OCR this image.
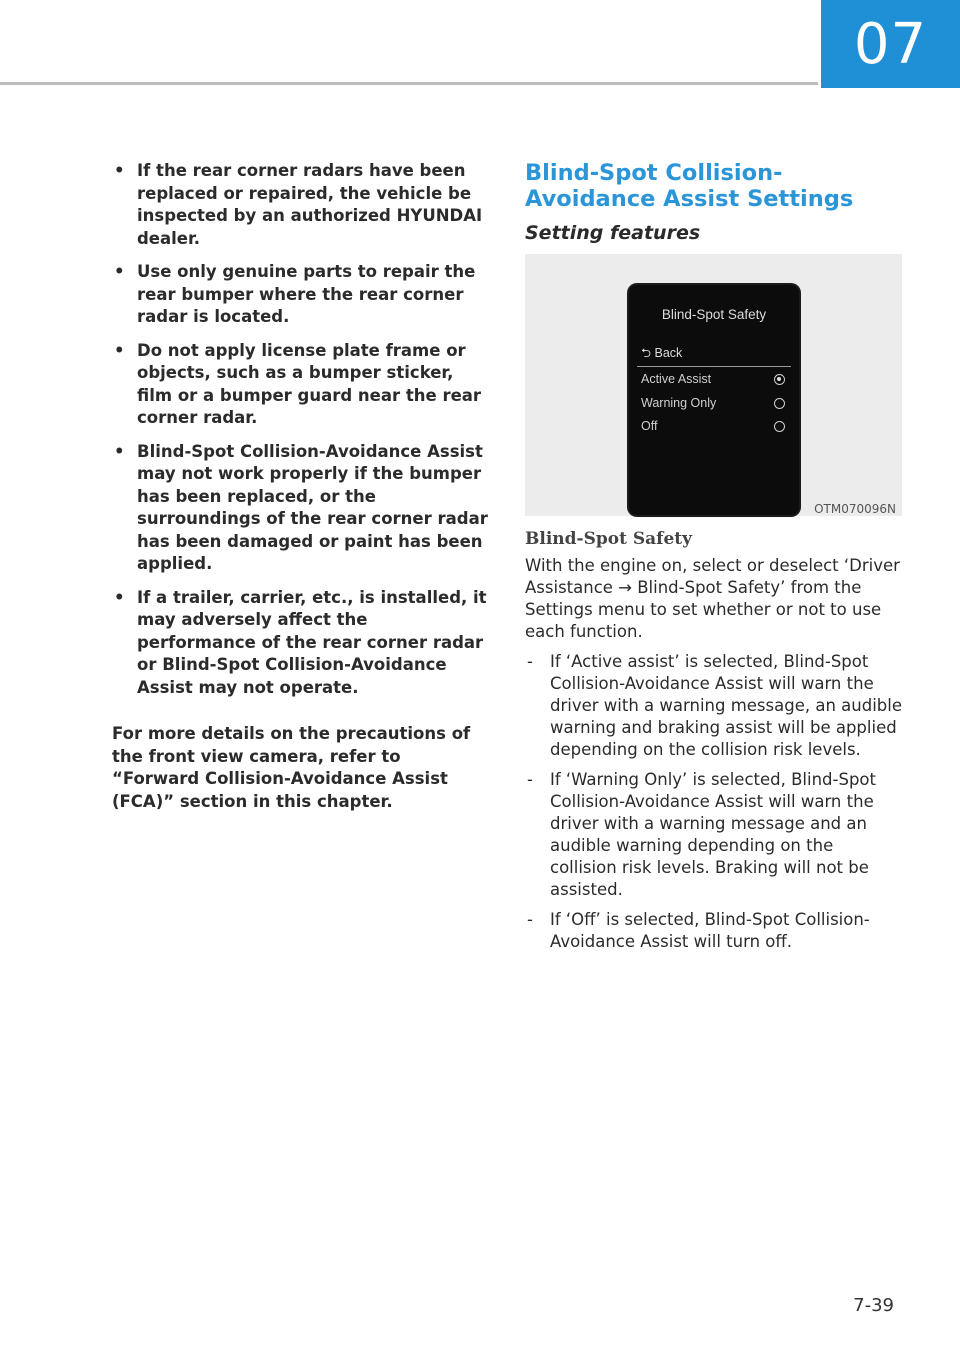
07
• If the rear corner radars have been replaced or repaired, the vehicle be inspected by an authorized HYUNDAI dealer.
• Use only genuine parts to repair the rear bumper where the rear corner radar is located.
• Do not apply license plate frame or objects, such as a bumper sticker, film or a bumper guard near the rear corner radar.
• Blind-Spot Collision-Avoidance Assist may not work properly if the bumper has been replaced, or the surroundings of the rear corner radar has been damaged or paint has been applied.
• If a trailer, carrier, etc., is installed, it may adversely affect the performance of the rear corner radar or Blind-Spot Collision-Avoidance Assist may not operate.

For more details on the precautions of the front view camera, refer to “Forward Collision-Avoidance Assist (FCA)” section in this chapter.

Blind-Spot Collision-Avoidance Assist Settings
Setting features
Blind-Spot Safety
⮌ Back
Active Assist
Warning Only
Off
OTM070096N
Blind-Spot Safety

With the engine on, select or deselect ‘Driver Assistance → Blind-Spot Safety’ from the Settings menu to set whether or not to use each function.

- If ‘Active assist’ is selected, Blind-Spot Collision-Avoidance Assist will warn the driver with a warning message, an audible warning and braking assist will be applied depending on the collision risk levels.
- If ‘Warning Only’ is selected, Blind-Spot Collision-Avoidance Assist will warn the driver with a warning message and an audible warning depending on the collision risk levels. Braking will not be assisted.
- If ‘Off’ is selected, Blind-Spot Collision-Avoidance Assist will turn off.
7-39
